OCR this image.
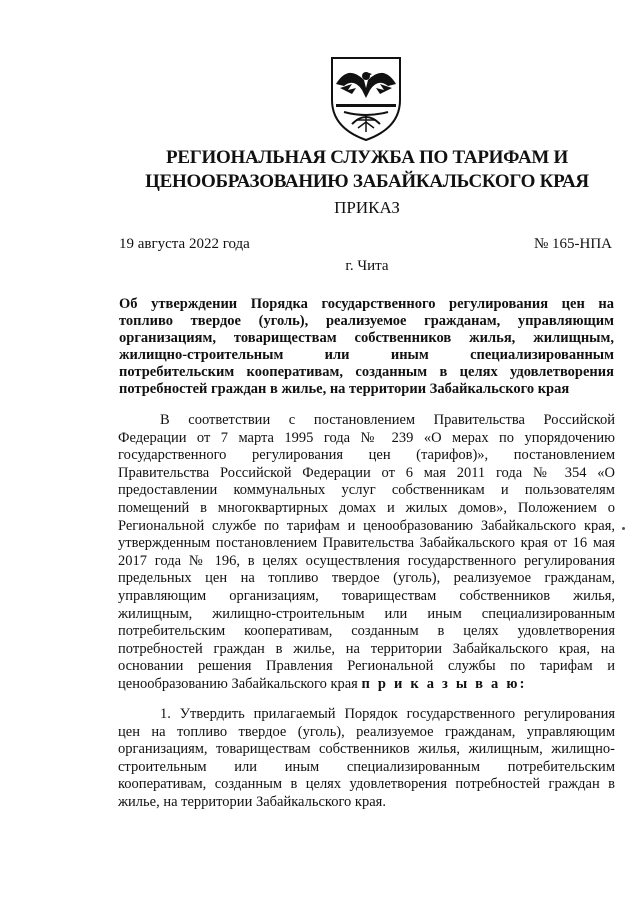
РЕГИОНАЛЬНАЯ СЛУЖБА ПО ТАРИФАМ И
ЦЕНООБРАЗОВАНИЮ ЗАБАЙКАЛЬСКОГО КРАЯ
ПРИКАЗ
19 августа 2022 года	№ 165-НПА
г. Чита
Об утверждении Порядка государственного регулирования цен на
топливо твердое (уголь), реализуемое гражданам, управляющим
организациям, товариществам собственников жилья, жилищным,
жилищно-строительным или иным специализированным
потребительским кооперативам, созданным в целях удовлетворения
потребностей граждан в жилье, на территории Забайкальского края
В соответствии с постановлением Правительства Российской
Федерации от 7 марта 1995 года № 239 «О мерах по упорядочению
государственного регулирования цен (тарифов)», постановлением
Правительства Российской Федерации от 6 мая 2011 года № 354 «О
предоставлении коммунальных услуг собственникам и пользователям
помещений в многоквартирных домах и жилых домов», Положением о
Региональной службе по тарифам и ценообразованию Забайкальского края,
утвержденным постановлением Правительства Забайкальского края от 16 мая
2017 года № 196, в целях осуществления государственного регулирования
предельных цен на топливо твердое (уголь), реализуемое гражданам,
управляющим организациям, товариществам собственников жилья,
жилищным, жилищно-строительным или иным специализированным
потребительским кооперативам, созданным в целях удовлетворения
потребностей граждан в жилье, на территории Забайкальского края, на
основании решения Правления Региональной службы по тарифам и
ценообразованию Забайкальского края п р и к а з ы в а ю:
1. Утвердить прилагаемый Порядок государственного регулирования
цен на топливо твердое (уголь), реализуемое гражданам, управляющим
организациям, товариществам собственников жилья, жилищным, жилищно-
строительным или иным специализированным потребительским
кооперативам, созданным в целях удовлетворения потребностей граждан в
жилье, на территории Забайкальского края.
